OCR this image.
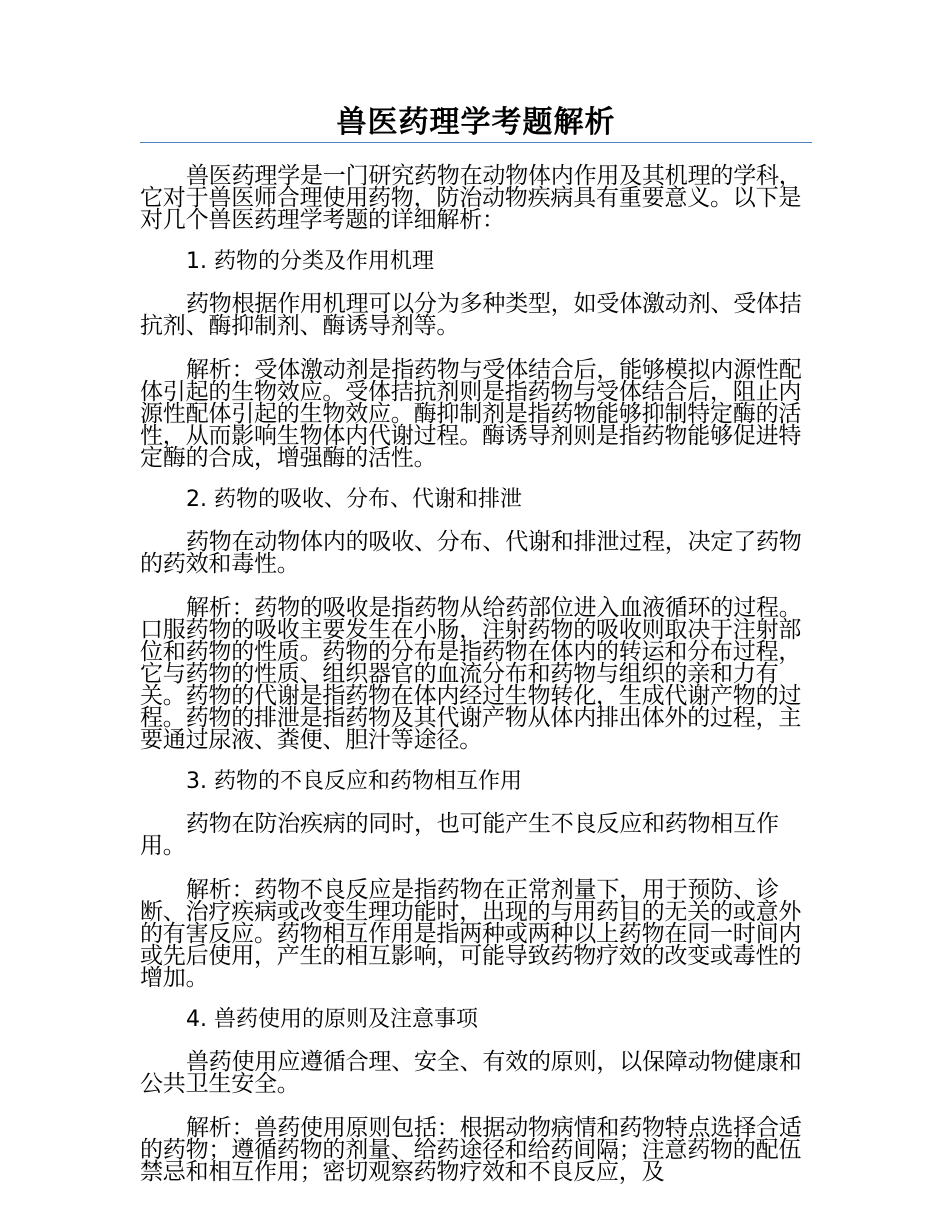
兽医药理学考题解析

兽医药理学是一门研究药物在动物体内作用及其机理的学科，它对于兽医师合理使用药物，防治动物疾病具有重要意义。以下是对几个兽医药理学考题的详细解析：

1. 药物的分类及作用机理

药物根据作用机理可以分为多种类型，如受体激动剂、受体拮抗剂、酶抑制剂、酶诱导剂等。

解析：受体激动剂是指药物与受体结合后，能够模拟内源性配体引起的生物效应。受体拮抗剂则是指药物与受体结合后，阻止内源性配体引起的生物效应。酶抑制剂是指药物能够抑制特定酶的活性，从而影响生物体内代谢过程。酶诱导剂则是指药物能够促进特定酶的合成，增强酶的活性。

2. 药物的吸收、分布、代谢和排泄

药物在动物体内的吸收、分布、代谢和排泄过程，决定了药物的药效和毒性。

解析：药物的吸收是指药物从给药部位进入血液循环的过程。口服药物的吸收主要发生在小肠，注射药物的吸收则取决于注射部位和药物的性质。药物的分布是指药物在体内的转运和分布过程，它与药物的性质、组织器官的血流分布和药物与组织的亲和力有关。药物的代谢是指药物在体内经过生物转化，生成代谢产物的过程。药物的排泄是指药物及其代谢产物从体内排出体外的过程，主要通过尿液、粪便、胆汁等途径。

3. 药物的不良反应和药物相互作用

药物在防治疾病的同时，也可能产生不良反应和药物相互作用。

解析：药物不良反应是指药物在正常剂量下，用于预防、诊断、治疗疾病或改变生理功能时，出现的与用药目的无关的或意外的有害反应。药物相互作用是指两种或两种以上药物在同一时间内或先后使用，产生的相互影响，可能导致药物疗效的改变或毒性的增加。

4. 兽药使用的原则及注意事项

兽药使用应遵循合理、安全、有效的原则，以保障动物健康和公共卫生安全。

解析：兽药使用原则包括：根据动物病情和药物特点选择合适的药物；遵循药物的剂量、给药途径和给药间隔；注意药物的配伍禁忌和相互作用；密切观察药物疗效和不良反应，及
